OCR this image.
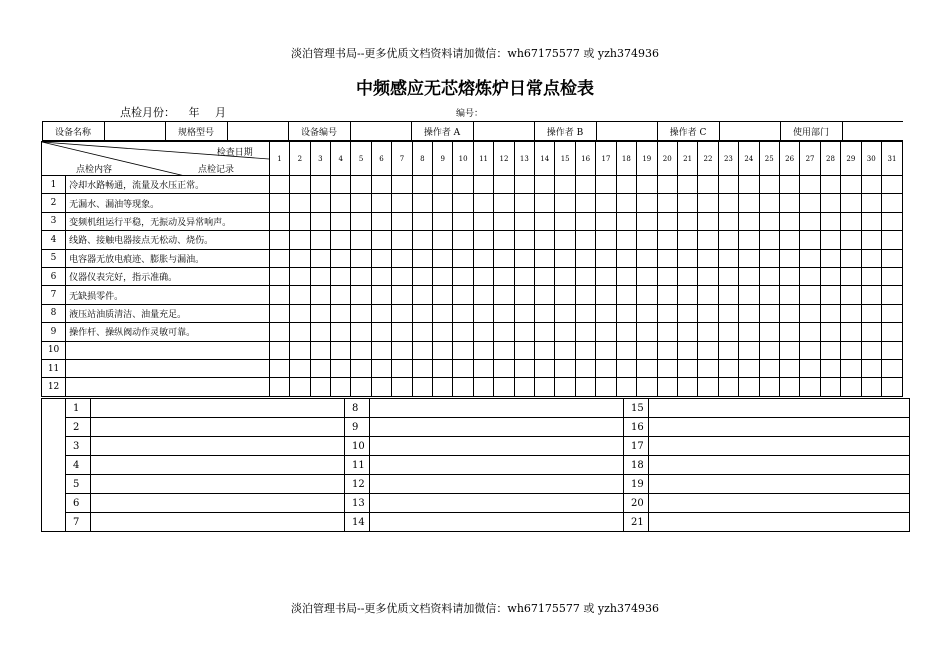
淡泊管理书局--更多优质文档资料请加微信：wh67175577 或 yzh374936
中频感应无芯熔炼炉日常点检表
点检月份： 年 月	编号：
设备名称		规格型号		设备编号		操作者 A		操作者 B		操作者 C		使用部门	

检查日期
点检内容	点检记录
	1	2	3	4	5	6	7	8	9	10	11	12	13	14	15	16	17	18	19	20	21	22	23	24	25	26	27	28	29	30	31
1	冷却水路畅通，流量及水压正常。																															
2	无漏水、漏油等现象。																															
3	变频机组运行平稳，无振动及异常响声。																															
4	线路、接触电器接点无松动、烧伤。																															
5	电容器无放电痕迹、膨胀与漏油。																															
6	仪器仪表完好，指示准确。																															
7	无缺损零件。																															
8	液压站油质清洁、油量充足。																															
9	操作杆、操纵阀动作灵敏可靠。																															
10																																
11																																
12																																
	1		8		15	
	2		9		16	
	3		10		17	
	4		11		18	
	5		12		19	
	6		13		20	
	7		14		21	
淡泊管理书局--更多优质文档资料请加微信：wh67175577 或 yzh374936
